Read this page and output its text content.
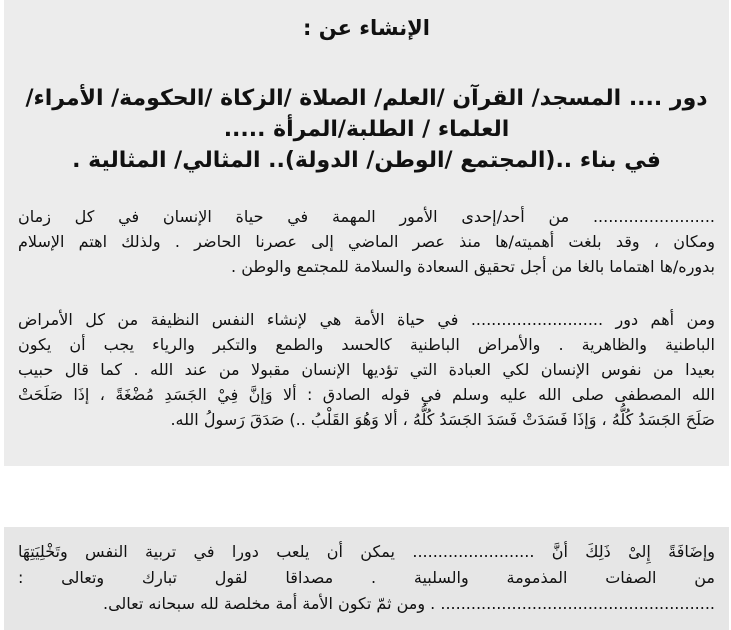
الإنشاء عن :
دور .... المسجد/ القرآن /العلم/ الصلاة /الزكاة /الحكومة/ الأمراء/
العلماء / الطلبة/المرأة .....
في بناء ..(المجتمع /الوطن/ الدولة).. المثالي/ المثالية .
........................ من أحد/إحدى الأمور المهمة في حياة الإنسان في كل زمان
ومكان ، وقد بلغت أهميته/ها منذ عصر الماضي إلى عصرنا الحاضر . ولذلك اهتم الإسلام
بدوره/ها اهتماما بالغا من أجل تحقيق السعادة والسلامة للمجتمع والوطن .
ومن أهم دور .......................... في حياة الأمة هي لإنشاء النفس النظيفة من كل الأمراض
الباطنية والظاهرية . والأمراض الباطنية كالحسد والطمع والتكبر والرياء يجب أن يكون
بعيدا من نفوس الإنسان لكي العبادة التي تؤديها الإنسان مقبولا من عند الله . كما قال حبيب
الله المصطفى صلى الله عليه وسلم في قوله الصادق : ألا وَإنَّ فِيْ الجَسَدِ مُضْغَةً ، إذَا صَلَحَتْ
صَلَحَ الجَسَدُ كُلُّهُ ، وَإذَا فَسَدَتْ فَسَدَ الجَسَدُ كُلُّهُ ، ألا وَهُوَ القَلْبُ ..) صَدَقَ رَسولُ الله.
وإضَافَةً إِلىْ ذَلِكَ أنَّ ........................ يمكن أن يلعب دورا في تربية النفس وتَخْلِيَتِهَا
من الصفات المذمومة والسلبية . مصداقا لقول تبارك وتعالى :
...................................................... . ومن ثمّ تكون الأمة أمة مخلصة لله سبحانه تعالى.
